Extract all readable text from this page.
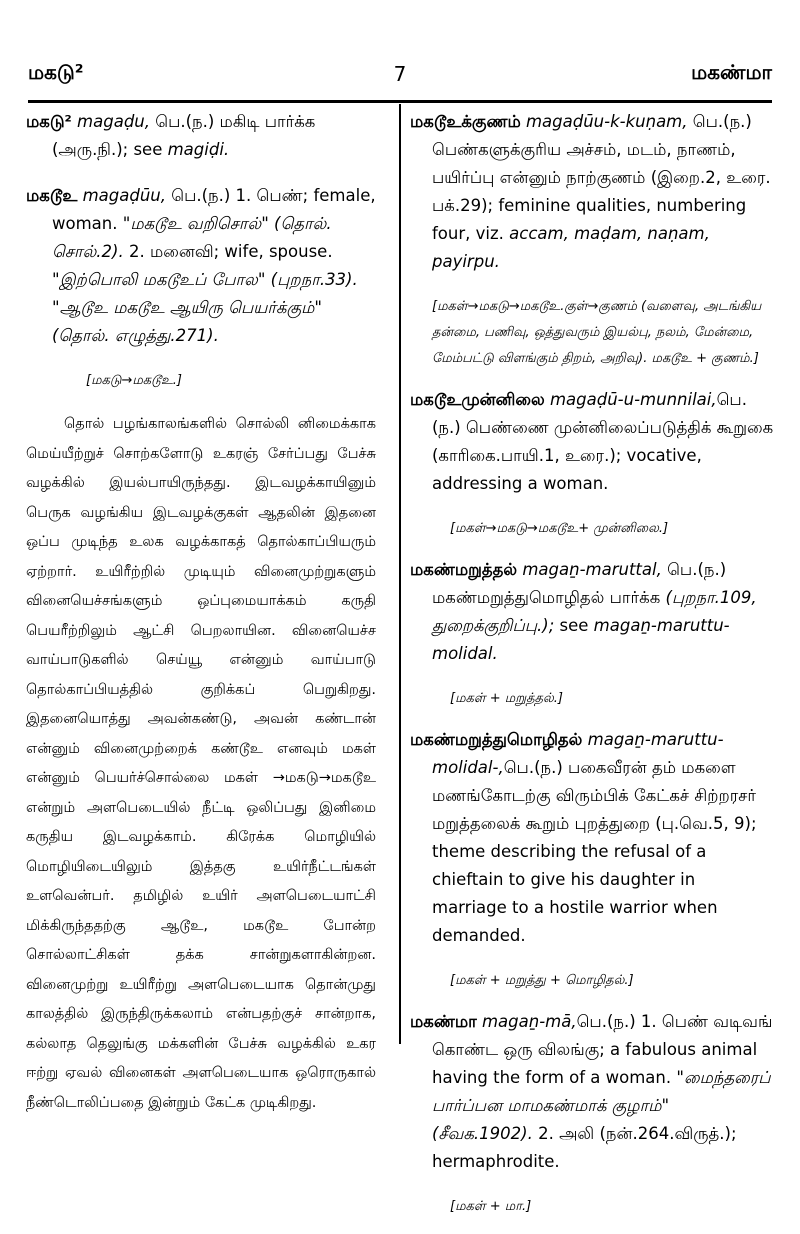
மகடு²	7	மகண்மா

மகடு² magaḍu, பெ.(ந.) மகிடி பார்க்க (அரு.நி.); see magiḍi.

மகடூஉ magaḍūu, பெ.(ந.) 1. பெண்; female, woman. "மகடூஉ வறிசொல்" (தொல். சொல்.2). 2. மனைவி; wife, spouse. "இற்பொலி மகடூஉப் போல" (புறநா.33). "ஆடூஉ மகடூஉ ஆயிரு பெயர்க்கும்" (தொல். எழுத்து.271).

[மகடு→மகடூஉ.]

தொல் பழங்காலங்களில் சொல்லி னிமைக்காக மெய்யீற்றுச் சொற்களோடு உகரஞ் சேர்ப்பது பேச்சு வழக்கில் இயல்பாயிருந்தது. இடவழக்காயினும் பெருக வழங்கிய இடவழக்குகள் ஆதலின் இதனை ஒப்ப முடிந்த உலக வழக்காகத் தொல்காப்பியரும் ஏற்றார். உயிரீற்றில் முடியும் வினைமுற்றுகளும் வினையெச்சங்களும் ஒப்புமையாக்கம் கருதி பெயரீற்றிலும் ஆட்சி பெறலாயின. வினையெச்ச வாய்பாடுகளில் செய்யூ என்னும் வாய்பாடு தொல்காப்பியத்தில் குறிக்கப் பெறுகிறது. இதனையொத்து அவன்கண்டு, அவன் கண்டான் என்னும் வினைமுற்றைக் கண்டூஉ எனவும் மகள் என்னும் பெயர்ச்சொல்லை மகள் →மகடு→மகடூஉ என்றும் அளபெடையில் நீட்டி ஒலிப்பது இனிமை கருதிய இடவழக்காம். கிரேக்க மொழியில் மொழியிடையிலும் இத்தகு உயிர்நீட்டங்கள் உளவென்பர். தமிழில் உயிர் அளபெடையாட்சி மிக்கிருந்ததற்கு ஆடூஉ, மகடூஉ போன்ற சொல்லாட்சிகள் தக்க சான்றுகளாகின்றன. வினைமுற்று உயிரீற்று அளபெடையாக தொன்முது காலத்தில் இருந்திருக்கலாம் என்பதற்குச் சான்றாக, கல்லாத தெலுங்கு மக்களின் பேச்சு வழக்கில் உகர ஈற்று ஏவல் வினைகள் அளபெடையாக ஒரொருகால் நீண்டொலிப்பதை இன்றும் கேட்க முடிகிறது.

மகடூஉக்குணம் magaḍūu-k-kuṇam, பெ.(ந.) பெண்களுக்குரிய அச்சம், மடம், நாணம், பயிர்ப்பு என்னும் நாற்குணம் (இறை.2, உரை. பக்.29); feminine qualities, numbering four, viz. accam, maḍam, naṇam, payirpu.

[மகள்→மகடு→மகடூஉ.குள்→குணம் (வளைவு, அடங்கிய தன்மை, பணிவு, ஒத்துவரும் இயல்பு, நலம், மேன்மை, மேம்பட்டு விளங்கும் திறம், அறிவு). மகடூஉ + குணம்.]

மகடூஉமுன்னிலை magaḍū-u-munnilai,பெ.(ந.) பெண்ணை முன்னிலைப்படுத்திக் கூறுகை (காரிகை.பாயி.1, உரை.); vocative, addressing a woman.

[மகள்→மகடு→மகடூஉ+ முன்னிலை.]

மகண்மறுத்தல் magaṉ-maruttal, பெ.(ந.) மகண்மறுத்துமொழிதல் பார்க்க (புறநா.109, துறைக்குறிப்பு.); see magaṉ-maruttu-molidal.

[மகள் + மறுத்தல்.]

மகண்மறுத்துமொழிதல் magaṉ-maruttu-molidal-,பெ.(ந.) பகைவீரன் தம் மகளை மணங்கோடற்கு விரும்பிக் கேட்கச் சிற்றரசர் மறுத்தலைக் கூறும் புறத்துறை (பு.வெ.5, 9); theme describing the refusal of a chieftain to give his daughter in marriage to a hostile warrior when demanded.

[மகள் + மறுத்து + மொழிதல்.]

மகண்மா magaṉ-mā,பெ.(ந.) 1. பெண் வடிவங் கொண்ட ஒரு விலங்கு; a fabulous animal having the form of a woman. "மைந்தரைப் பார்ப்பன மாமகண்மாக் குழாம்" (சீவக.1902). 2. அலி (நன்.264.விருத்.); hermaphrodite.

[மகள் + மா.]
